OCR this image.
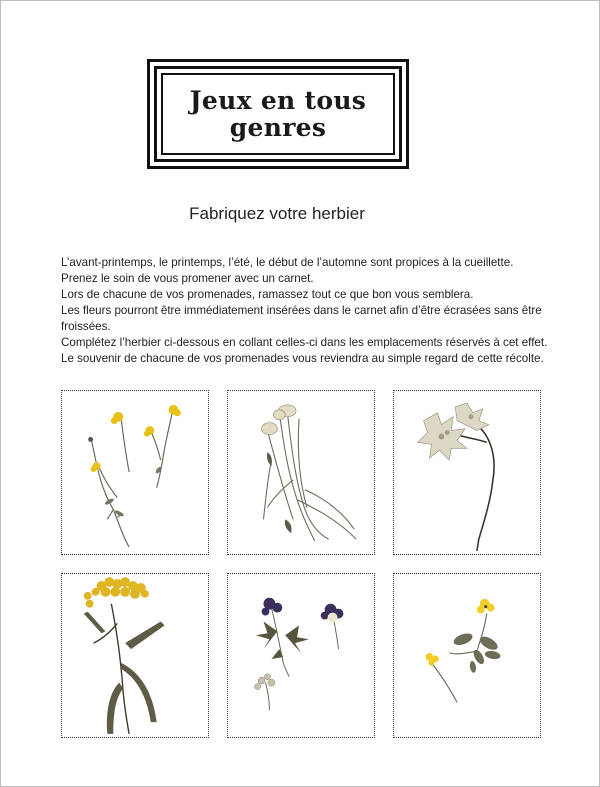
Jeux en tous
genres
Fabriquez votre herbier

L’avant-printemps, le printemps, l’été, le début de l’automne sont propices à la cueillette.

Prenez le soin de vous promener avec un carnet.

Lors de chacune de vos promenades, ramassez tout ce que bon vous semblera.

Les fleurs pourront être immédiatement insérées dans le carnet afin d’être écrasées sans être froissées.

Complétez l’herbier ci-dessous en collant celles-ci dans les emplacements réservés à cet effet.

Le souvenir de chacune de vos promenades vous reviendra au simple regard de cette récolte.
